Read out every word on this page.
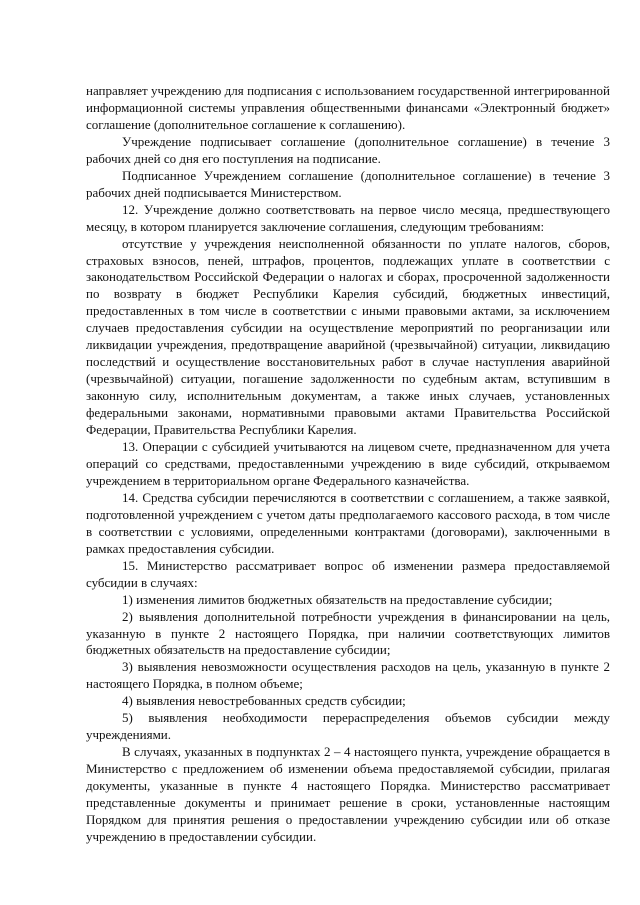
направляет учреждению для подписания с использованием государственной интегрированной информационной системы управления общественными финансами «Электронный бюджет» соглашение (дополнительное соглашение к соглашению).

Учреждение подписывает соглашение (дополнительное соглашение) в течение 3 рабочих дней со дня его поступления на подписание.

Подписанное Учреждением соглашение (дополнительное соглашение) в течение 3 рабочих дней подписывается Министерством.

12. Учреждение должно соответствовать на первое число месяца, предшествующего месяцу, в котором планируется заключение соглашения, следующим требованиям:

отсутствие у учреждения неисполненной обязанности по уплате налогов, сборов, страховых взносов, пеней, штрафов, процентов, подлежащих уплате в соответствии с законодательством Российской Федерации о налогах и сборах, просроченной задолженности по возврату в бюджет Республики Карелия субсидий, бюджетных инвестиций, предоставленных в том числе в соответствии с иными правовыми актами, за исключением случаев предоставления субсидии на осуществление мероприятий по реорганизации или ликвидации учреждения, предотвращение аварийной (чрезвычайной) ситуации, ликвидацию последствий и осуществление восстановительных работ в случае наступления аварийной (чрезвычайной) ситуации, погашение задолженности по судебным актам, вступившим в законную силу, исполнительным документам, а также иных случаев, установленных федеральными законами, нормативными правовыми актами Правительства Российской Федерации, Правительства Республики Карелия.

13. Операции с субсидией учитываются на лицевом счете, предназначенном для учета операций со средствами, предоставленными учреждению в виде субсидий, открываемом учреждением в территориальном органе Федерального казначейства.

14. Средства субсидии перечисляются в соответствии с соглашением, а также заявкой, подготовленной учреждением с учетом даты предполагаемого кассового расхода, в том числе в соответствии с условиями, определенными контрактами (договорами), заключенными в рамках предоставления субсидии.

15. Министерство рассматривает вопрос об изменении размера предоставляемой субсидии в случаях:

1) изменения лимитов бюджетных обязательств на предоставление субсидии;

2) выявления дополнительной потребности учреждения в финансировании на цель, указанную в пункте 2 настоящего Порядка, при наличии соответствующих лимитов бюджетных обязательств на предоставление субсидии;

3) выявления невозможности осуществления расходов на цель, указанную в пункте 2 настоящего Порядка, в полном объеме;

4) выявления невостребованных средств субсидии;

5) выявления необходимости перераспределения объемов субсидии между учреждениями.

В случаях, указанных в подпунктах 2 – 4 настоящего пункта, учреждение обращается в Министерство с предложением об изменении объема предоставляемой субсидии, прилагая документы, указанные в пункте 4 настоящего Порядка. Министерство рассматривает представленные документы и принимает решение в сроки, установленные настоящим Порядком для принятия решения о предоставлении учреждению субсидии или об отказе учреждению в предоставлении субсидии.
